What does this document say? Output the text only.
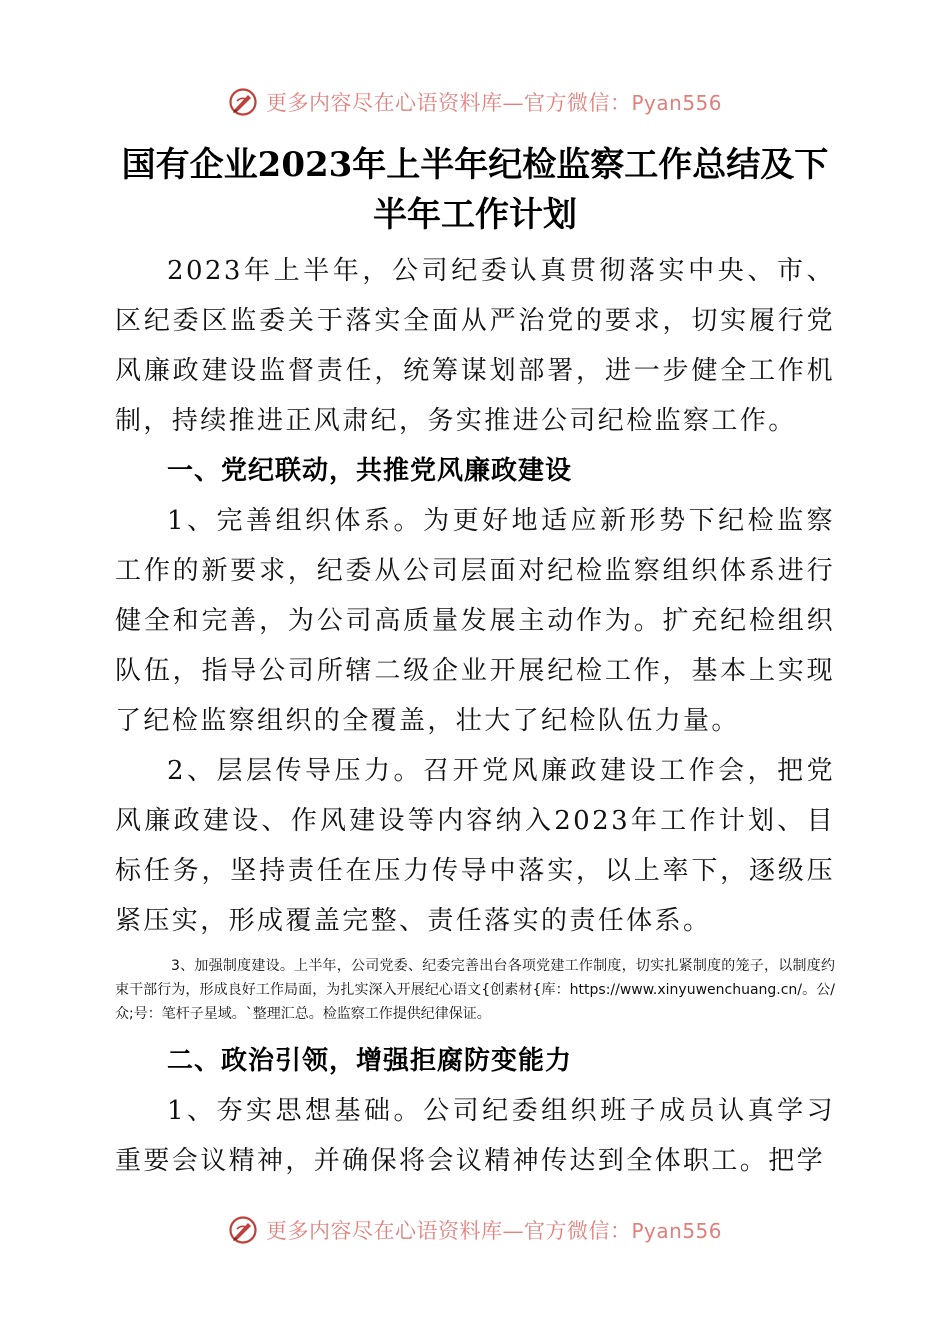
更多内容尽在心语资料库—官方微信：Pyan556
国有企业2023年上半年纪检监察工作总结及下半年工作计划

2023年上半年，公司纪委认真贯彻落实中央、市、区纪委区监委关于落实全面从严治党的要求，切实履行党风廉政建设监督责任，统筹谋划部署，进一步健全工作机制，持续推进正风肃纪，务实推进公司纪检监察工作。

一、党纪联动，共推党风廉政建设

1、完善组织体系。为更好地适应新形势下纪检监察工作的新要求，纪委从公司层面对纪检监察组织体系进行健全和完善，为公司高质量发展主动作为。扩充纪检组织队伍，指导公司所辖二级企业开展纪检工作，基本上实现了纪检监察组织的全覆盖，壮大了纪检队伍力量。

2、层层传导压力。召开党风廉政建设工作会，把党风廉政建设、作风建设等内容纳入2023年工作计划、目标任务，坚持责任在压力传导中落实，以上率下，逐级压紧压实，形成覆盖完整、责任落实的责任体系。

3、加强制度建设。上半年，公司党委、纪委完善出台各项党建工作制度，切实扎紧制度的笼子，以制度约束干部行为，形成良好工作局面，为扎实深入开展纪心语文{创素材{库：https://www.xinyuwenchuang.cn/。公/众;号：笔杆子星域。`整理汇总。检监察工作提供纪律保证。

二、政治引领，增强拒腐防变能力

1、夯实思想基础。公司纪委组织班子成员认真学习重要会议精神，并确保将会议精神传达到全体职工。把学

更多内容尽在心语资料库—官方微信：Pyan556
